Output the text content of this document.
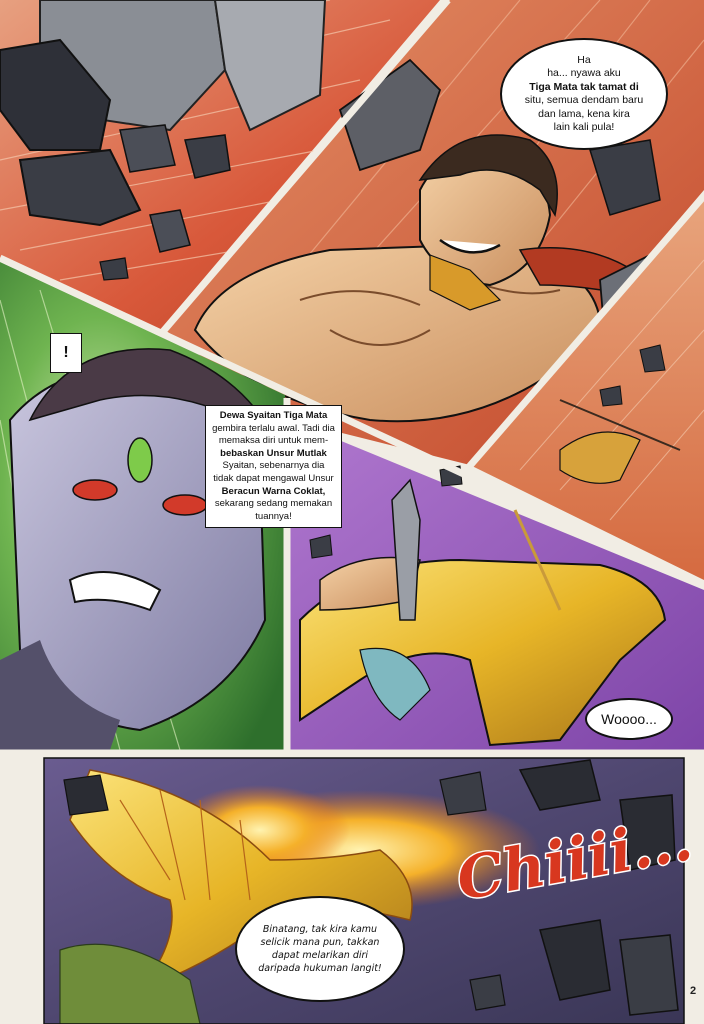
Ha
ha... nyawa aku
Tiga Mata tak tamat di
situ, semua dendam baru
dan lama, kena kira
lain kali pula!
!
Dewa Syaitan Tiga Mata
gembira terlalu awal. Tadi dia
memaksa diri untuk mem-
bebaskan Unsur Mutlak
Syaitan, sebenarnya dia
tidak dapat mengawal Unsur
Beracun Warna Coklat,
sekarang sedang memakan
tuannya!
Woooo...
Chiiii...
Binatang, tak kira kamu
selicik mana pun, takkan
dapat melarikan diri
daripada hukuman langit!
2
